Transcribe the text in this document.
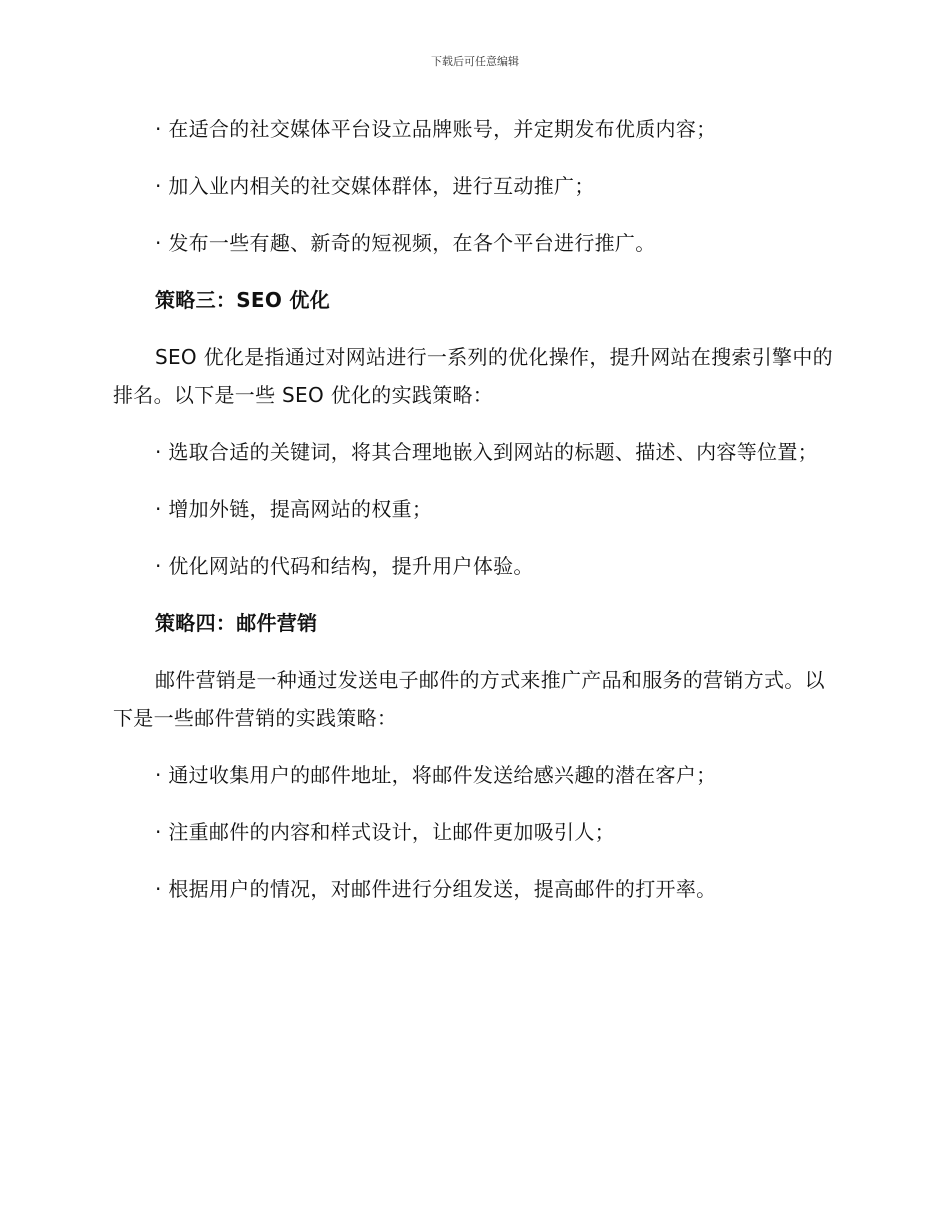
下载后可任意编辑

· 在适合的社交媒体平台设立品牌账号，并定期发布优质内容；

· 加入业内相关的社交媒体群体，进行互动推广；

· 发布一些有趣、新奇的短视频，在各个平台进行推广。

策略三：SEO 优化

SEO 优化是指通过对网站进行一系列的优化操作，提升网站在搜索引擎中的排名。以下是一些 SEO 优化的实践策略：

· 选取合适的关键词，将其合理地嵌入到网站的标题、描述、内容等位置；

· 增加外链，提高网站的权重；

· 优化网站的代码和结构，提升用户体验。

策略四：邮件营销

邮件营销是一种通过发送电子邮件的方式来推广产品和服务的营销方式。以下是一些邮件营销的实践策略：

· 通过收集用户的邮件地址，将邮件发送给感兴趣的潜在客户；

· 注重邮件的内容和样式设计，让邮件更加吸引人；

· 根据用户的情况，对邮件进行分组发送，提高邮件的打开率。
